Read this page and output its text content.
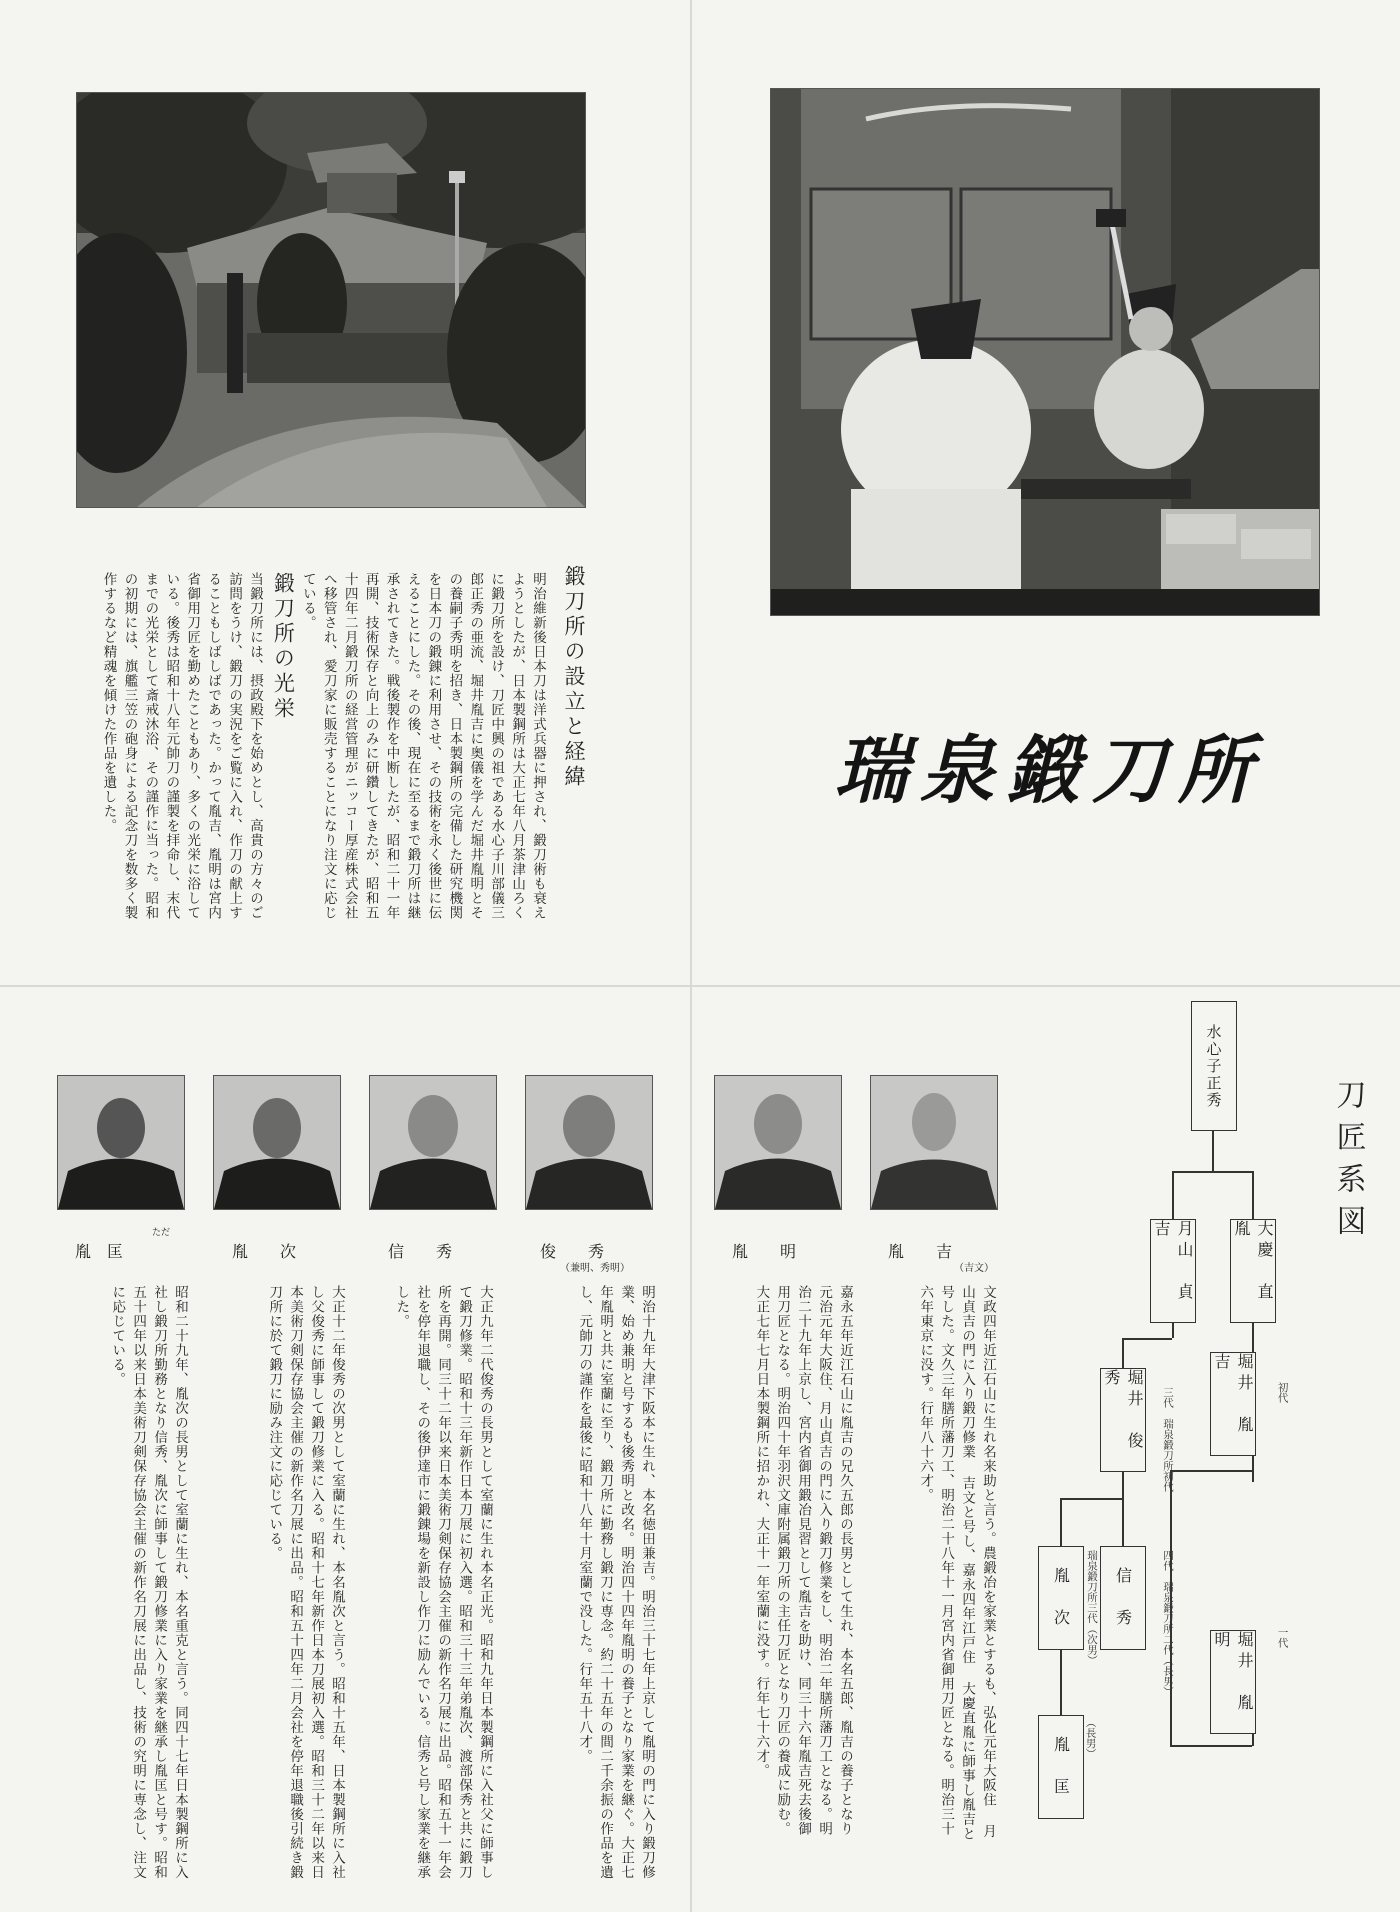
鍛刀所の設立と経緯
明治維新後日本刀は洋式兵器に押され、鍛刀術も衰えようとしたが、日本製鋼所は大正七年八月茶津山ろくに鍛刀所を設け、刀匠中興の祖である水心子川部儀三郎正秀の亜流、堀井胤吉に奥儀を学んだ堀井胤明とその養嗣子秀明を招き、日本製鋼所の完備した研究機関を日本刀の鍛錬に利用させ、その技術を永く後世に伝えることにした。その後、現在に至るまで鍛刀所は継承されてきた。戦後製作を中断したが、昭和二十一年再開、技術保存と向上のみに研鑽してきたが、昭和五十四年二月鍛刀所の経営管理がニッコー厚産株式会社へ移管され、愛刀家に販売することになり注文に応じている。
鍛刀所の光栄
当鍛刀所には、摂政殿下を始めとし、高貴の方々のご訪問をうけ、鍛刀の実況をご覧に入れ、作刀の献上することもしばしばであった。かって胤吉、胤明は宮内省御用刀匠を勤めたこともあり、多くの光栄に浴している。後秀は昭和十八年元帥刀の謹製を拝命し、末代までの光栄として斎戒沐浴、その謹作に当った。昭和の初期には、旗艦三笠の砲身による記念刀を数多く製作するなど精魂を傾けた作品を遺した。	瑞泉鍛刀所
胤　匡
ただ
胤　　次	信　　秀	俊　　秀
（兼明、秀明）
昭和二十九年、胤次の長男として室蘭に生れ、本名重克と言う。同四十七年日本製鋼所に入社し鍛刀所勤務となり信秀、胤次に師事して鍛刀修業に入り家業を継承し胤匡と号す。昭和五十四年以来日本美術刀剣保存協会主催の新作名刀展に出品し、技術の究明に専念し、注文に応じている。	大正十二年俊秀の次男として室蘭に生れ、本名胤次と言う。昭和十五年、日本製鋼所に入社し父俊秀に師事して鍛刀修業に入る。昭和十七年新作日本刀展初入選。昭和三十二年以来日本美術刀剣保存協会主催の新作名刀展に出品。昭和五十四年二月会社を停年退職後引続き鍛刀所に於て鍛刀に励み注文に応じている。	大正九年二代俊秀の長男として室蘭に生れ本名正光。昭和九年日本製鋼所に入社父に師事して鍛刀修業。昭和十三年新作日本刀展に初入選。昭和三十三年弟胤次、渡部保秀と共に鍛刀所を再開。同三十二年以来日本美術刀剣保存協会主催の新作名刀展に出品。昭和五十一年会社を停年退職し、その後伊達市に鍛錬場を新設し作刀に励んでいる。信秀と号し家業を継承した。	明治十九年大津下阪本に生れ、本名徳田兼吉。明治三十七年上京して胤明の門に入り鍛刀修業、始め兼明と号するも後秀明と改名。明治四十四年胤明の養子となり家業を継ぐ。大正七年胤明と共に室蘭に至り、鍛刀所に勤務し鍛刀に専念。約二十五年の間二千余振の作品を遺し、元帥刀の謹作を最後に昭和十八年十月室蘭で没した。行年五十八才。
胤　　明	胤　　吉
（吉文）
嘉永五年近江石山に胤吉の兄久五郎の長男として生れ、本名五郎、胤吉の養子となり元治元年大阪住、月山貞吉の門に入り鍛刀修業をし、明治二年膳所藩刀工となる。明治二十九年上京し、宮内省御用鍛冶見習として胤吉を助け、同三十六年胤吉死去後御用刀匠となる。明治四十年羽沢文庫附属鍛刀所の主任刀匠となり刀匠の養成に励む。大正七年七月日本製鋼所に招かれ、大正十一年室蘭に没す。行年七十六才。	文政四年近江石山に生れ名来助と言う。農鍛冶を家業とするも、弘化元年大阪住 月山貞吉の門に入り鍛刀修業 吉文と号し、嘉永四年江戸住 大慶直胤に師事し胤吉と号した。文久三年膳所藩刀工、明治二十八年十一月宮内省御用刀匠となる。明治三十六年東京に没す。行年八十六才。
刀匠系図
水心子正秀
大慶　直胤
月山　貞吉
堀井　胤吉
堀井　俊秀
堀井　胤明
信　秀
胤　次
胤　匡
初代
一代
三代　瑞泉鍛刀所初代
四代　瑞泉鍛刀所二代（長男）
瑞泉鍛刀所三代（次男）
（長男）
